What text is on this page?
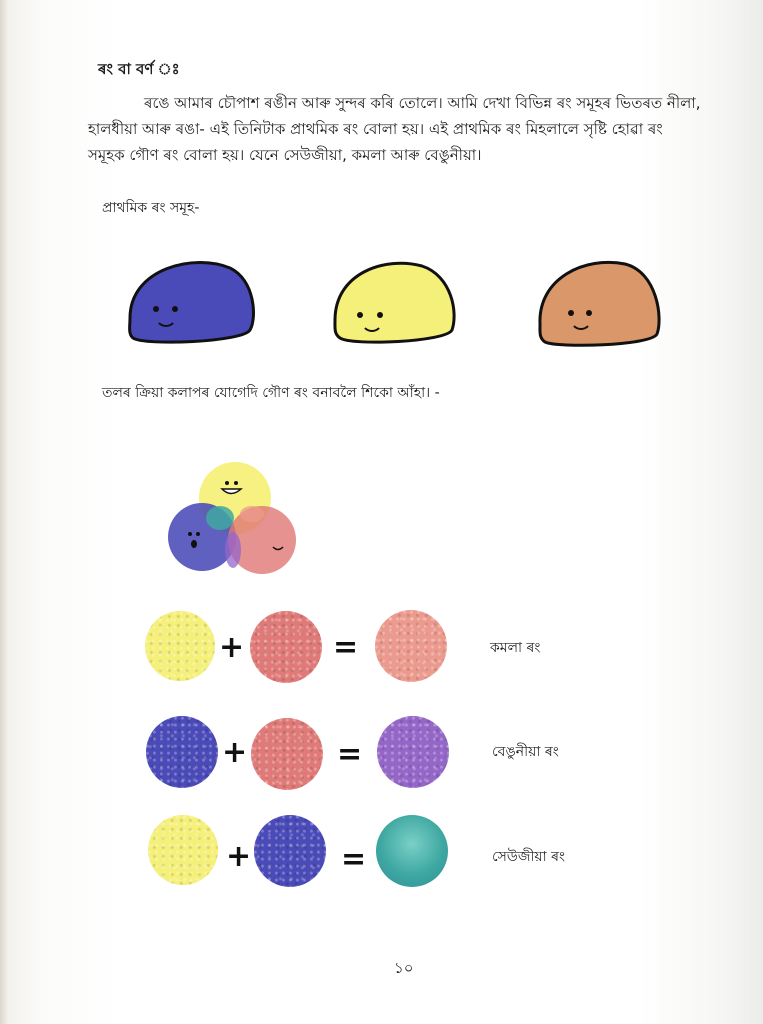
ৰং বা বৰ্ণ ঃ
ৰঙে আমাৰ চৌপাশ ৰঙীন আৰু সুন্দৰ কৰি তোলে। আমি দেখা বিভিন্ন ৰং সমূহৰ ভিতৰত নীলা, হালধীয়া আৰু ৰঙা- এই তিনিটাক প্ৰাথমিক ৰং বোলা হয়। এই প্ৰাথমিক ৰং মিহলালে সৃষ্টি হোৱা ৰং সমূহক গৌণ ৰং বোলা হয়। যেনে সেউজীয়া, কমলা আৰু বেঙুনীয়া।
প্ৰাথমিক ৰং সমূহ-
তলৰ ক্ৰিয়া কলাপৰ যোগেদি গৌণ ৰং বনাবলৈ শিকো আঁহা। -
+	=	কমলা ৰং
+	=	বেঙুনীয়া ৰং
+	=	সেউজীয়া ৰং
১০
